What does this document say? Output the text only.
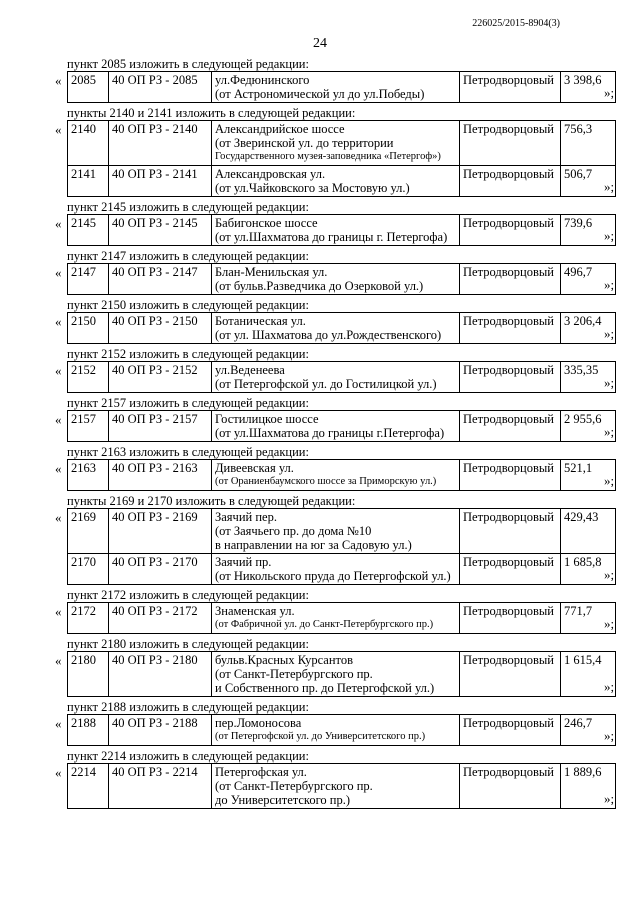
226025/2015-8904(3)
24
пункт 2085 изложить в следующей редакции:
« 2085	40 ОП РЗ - 2085	ул.Федюнинского
(от Астрономической ул до ул.Победы)
	Петродворцовый	3 398,6
»;
пункты 2140 и 2141 изложить в следующей редакции:
« 2140	40 ОП РЗ - 2140	Александрийское шоссе
(от Зверинской ул. до территории
Государственного музея-заповедника «Петергоф»)	Петродворцовый	756,3
2141	40 ОП РЗ - 2141	Александровская ул.
(от ул.Чайковского за Мостовую ул.)	Петродворцовый	506,7
»;
пункт 2145 изложить в следующей редакции:
« 2145	40 ОП РЗ - 2145	Бабигонское шоссе
(от ул.Шахматова до границы г. Петергофа)
	Петродворцовый	739,6
»;
пункт 2147 изложить в следующей редакции:
« 2147	40 ОП РЗ - 2147	Блан-Менильская ул.
(от бульв.Разведчика до Озерковой ул.)
	Петродворцовый	496,7
»;
пункт 2150 изложить в следующей редакции:
« 2150	40 ОП РЗ - 2150	Ботаническая ул.
(от ул. Шахматова до ул.Рождественского)
	Петродворцовый	3 206,4
»;
пункт 2152 изложить в следующей редакции:
« 2152	40 ОП РЗ - 2152	ул.Веденеева
(от Петергофской ул. до Гостилицкой ул.)
	Петродворцовый	335,35
»;
пункт 2157 изложить в следующей редакции:
« 2157	40 ОП РЗ - 2157	Гостилицкое шоссе
(от ул.Шахматова до границы г.Петергофа)
	Петродворцовый	2 955,6
»;
пункт 2163 изложить в следующей редакции:
« 2163	40 ОП РЗ - 2163	Дивеевская ул.
(от Ораниенбаумского шоссе за Приморскую ул.)
	Петродворцовый	521,1
»;
пункты 2169 и 2170 изложить в следующей редакции:
« 2169	40 ОП РЗ - 2169	Заячий пер.
(от Заячьего пр. до дома №10
в направлении на юг за Садовую ул.)	Петродворцовый	429,43
2170	40 ОП РЗ - 2170	Заячий пр.
(от Никольского пруда до Петергофской ул.)	Петродворцовый	1 685,8
»;
пункт 2172 изложить в следующей редакции:
« 2172	40 ОП РЗ - 2172	Знаменская ул.
(от Фабричной ул. до Санкт-Петербургского пр.)
	Петродворцовый	771,7
»;
пункт 2180 изложить в следующей редакции:
« 2180	40 ОП РЗ - 2180	бульв.Красных Курсантов
(от Санкт-Петербургского пр.
и Собственного пр. до Петергофской ул.)
	Петродворцовый	1 615,4
»;
пункт 2188 изложить в следующей редакции:
« 2188	40 ОП РЗ - 2188	пер.Ломоносова
(от Петергофской ул. до Университетского пр.)
	Петродворцовый	246,7
»;
пункт 2214 изложить в следующей редакции:
« 2214	40 ОП РЗ - 2214	Петергофская ул.
(от Санкт-Петербургского пр.
до Университетского пр.)
	Петродворцовый	1 889,6
»;
